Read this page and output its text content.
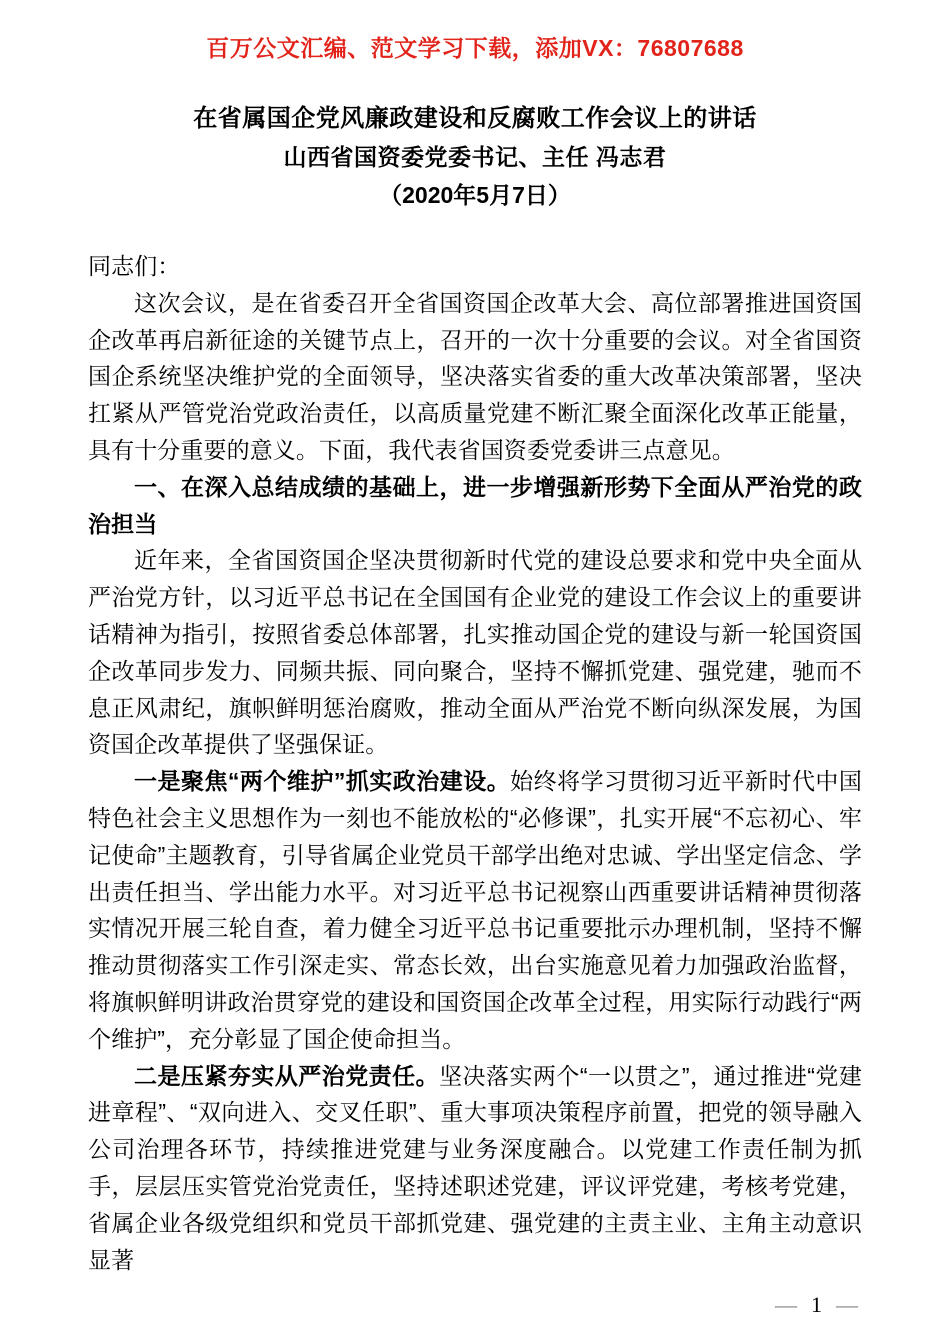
百万公文汇编、范文学习下载，添加VX：76807688
在省属国企党风廉政建设和反腐败工作会议上的讲话
山西省国资委党委书记、主任 冯志君
（2020年5月7日）

同志们：

这次会议，是在省委召开全省国资国企改革大会、高位部署推进国资国企改革再启新征途的关键节点上，召开的一次十分重要的会议。对全省国资国企系统坚决维护党的全面领导，坚决落实省委的重大改革决策部署，坚决扛紧从严管党治党政治责任，以高质量党建不断汇聚全面深化改革正能量，具有十分重要的意义。下面，我代表省国资委党委讲三点意见。

一、在深入总结成绩的基础上，进一步增强新形势下全面从严治党的政治担当

近年来，全省国资国企坚决贯彻新时代党的建设总要求和党中央全面从严治党方针，以习近平总书记在全国国有企业党的建设工作会议上的重要讲话精神为指引，按照省委总体部署，扎实推动国企党的建设与新一轮国资国企改革同步发力、同频共振、同向聚合，坚持不懈抓党建、强党建，驰而不息正风肃纪，旗帜鲜明惩治腐败，推动全面从严治党不断向纵深发展，为国资国企改革提供了坚强保证。

一是聚焦“两个维护”抓实政治建设。始终将学习贯彻习近平新时代中国特色社会主义思想作为一刻也不能放松的“必修课”，扎实开展“不忘初心、牢记使命”主题教育，引导省属企业党员干部学出绝对忠诚、学出坚定信念、学出责任担当、学出能力水平。对习近平总书记视察山西重要讲话精神贯彻落实情况开展三轮自查，着力健全习近平总书记重要批示办理机制，坚持不懈推动贯彻落实工作引深走实、常态长效，出台实施意见着力加强政治监督，将旗帜鲜明讲政治贯穿党的建设和国资国企改革全过程，用实际行动践行“两个维护”，充分彰显了国企使命担当。

二是压紧夯实从严治党责任。坚决落实两个“一以贯之”，通过推进“党建进章程”、“双向进入、交叉任职”、重大事项决策程序前置，把党的领导融入公司治理各环节，持续推进党建与业务深度融合。以党建工作责任制为抓手，层层压实管党治党责任，坚持述职述党建，评议评党建，考核考党建，省属企业各级党组织和党员干部抓党建、强党建的主责主业、主角主动意识显著

— 1 —
